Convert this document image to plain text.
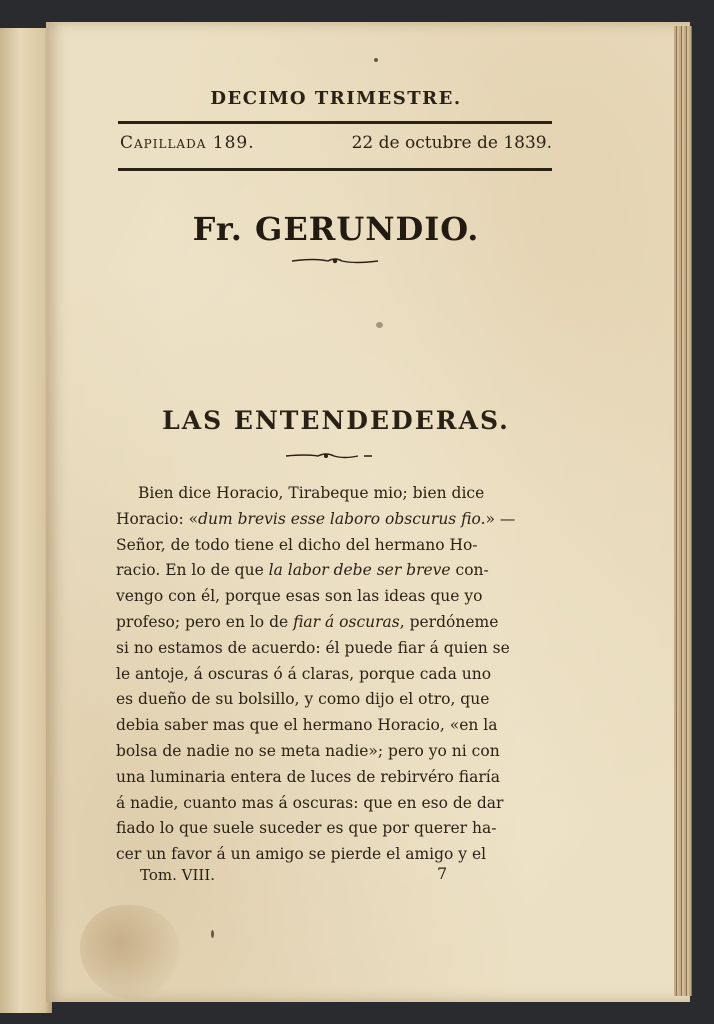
DECIMO TRIMESTRE.
Capillada 189.	22 de octubre de 1839.
Fr. GERUNDIO.
LAS ENTENDEDERAS.
Bien dice Horacio, Tirabeque mio; bien dice
Horacio: «dum brevis esse laboro obscurus fio.» —
Señor, de todo tiene el dicho del hermano Ho-
racio. En lo de que la labor debe ser breve con-
vengo con él, porque esas son las ideas que yo
profeso; pero en lo de fiar á oscuras, perdóneme
si no estamos de acuerdo: él puede fiar á quien se
le antoje, á oscuras ó á claras, porque cada uno
es dueño de su bolsillo, y como dijo el otro, que
debia saber mas que el hermano Horacio, «en la
bolsa de nadie no se meta nadie»; pero yo ni con
una luminaria entera de luces de rebirvéro fiaría
á nadie, cuanto mas á oscuras: que en eso de dar
fiado lo que suele suceder es que por querer ha-
cer un favor á un amigo se pierde el amigo y el
Tom. VIII.	7
